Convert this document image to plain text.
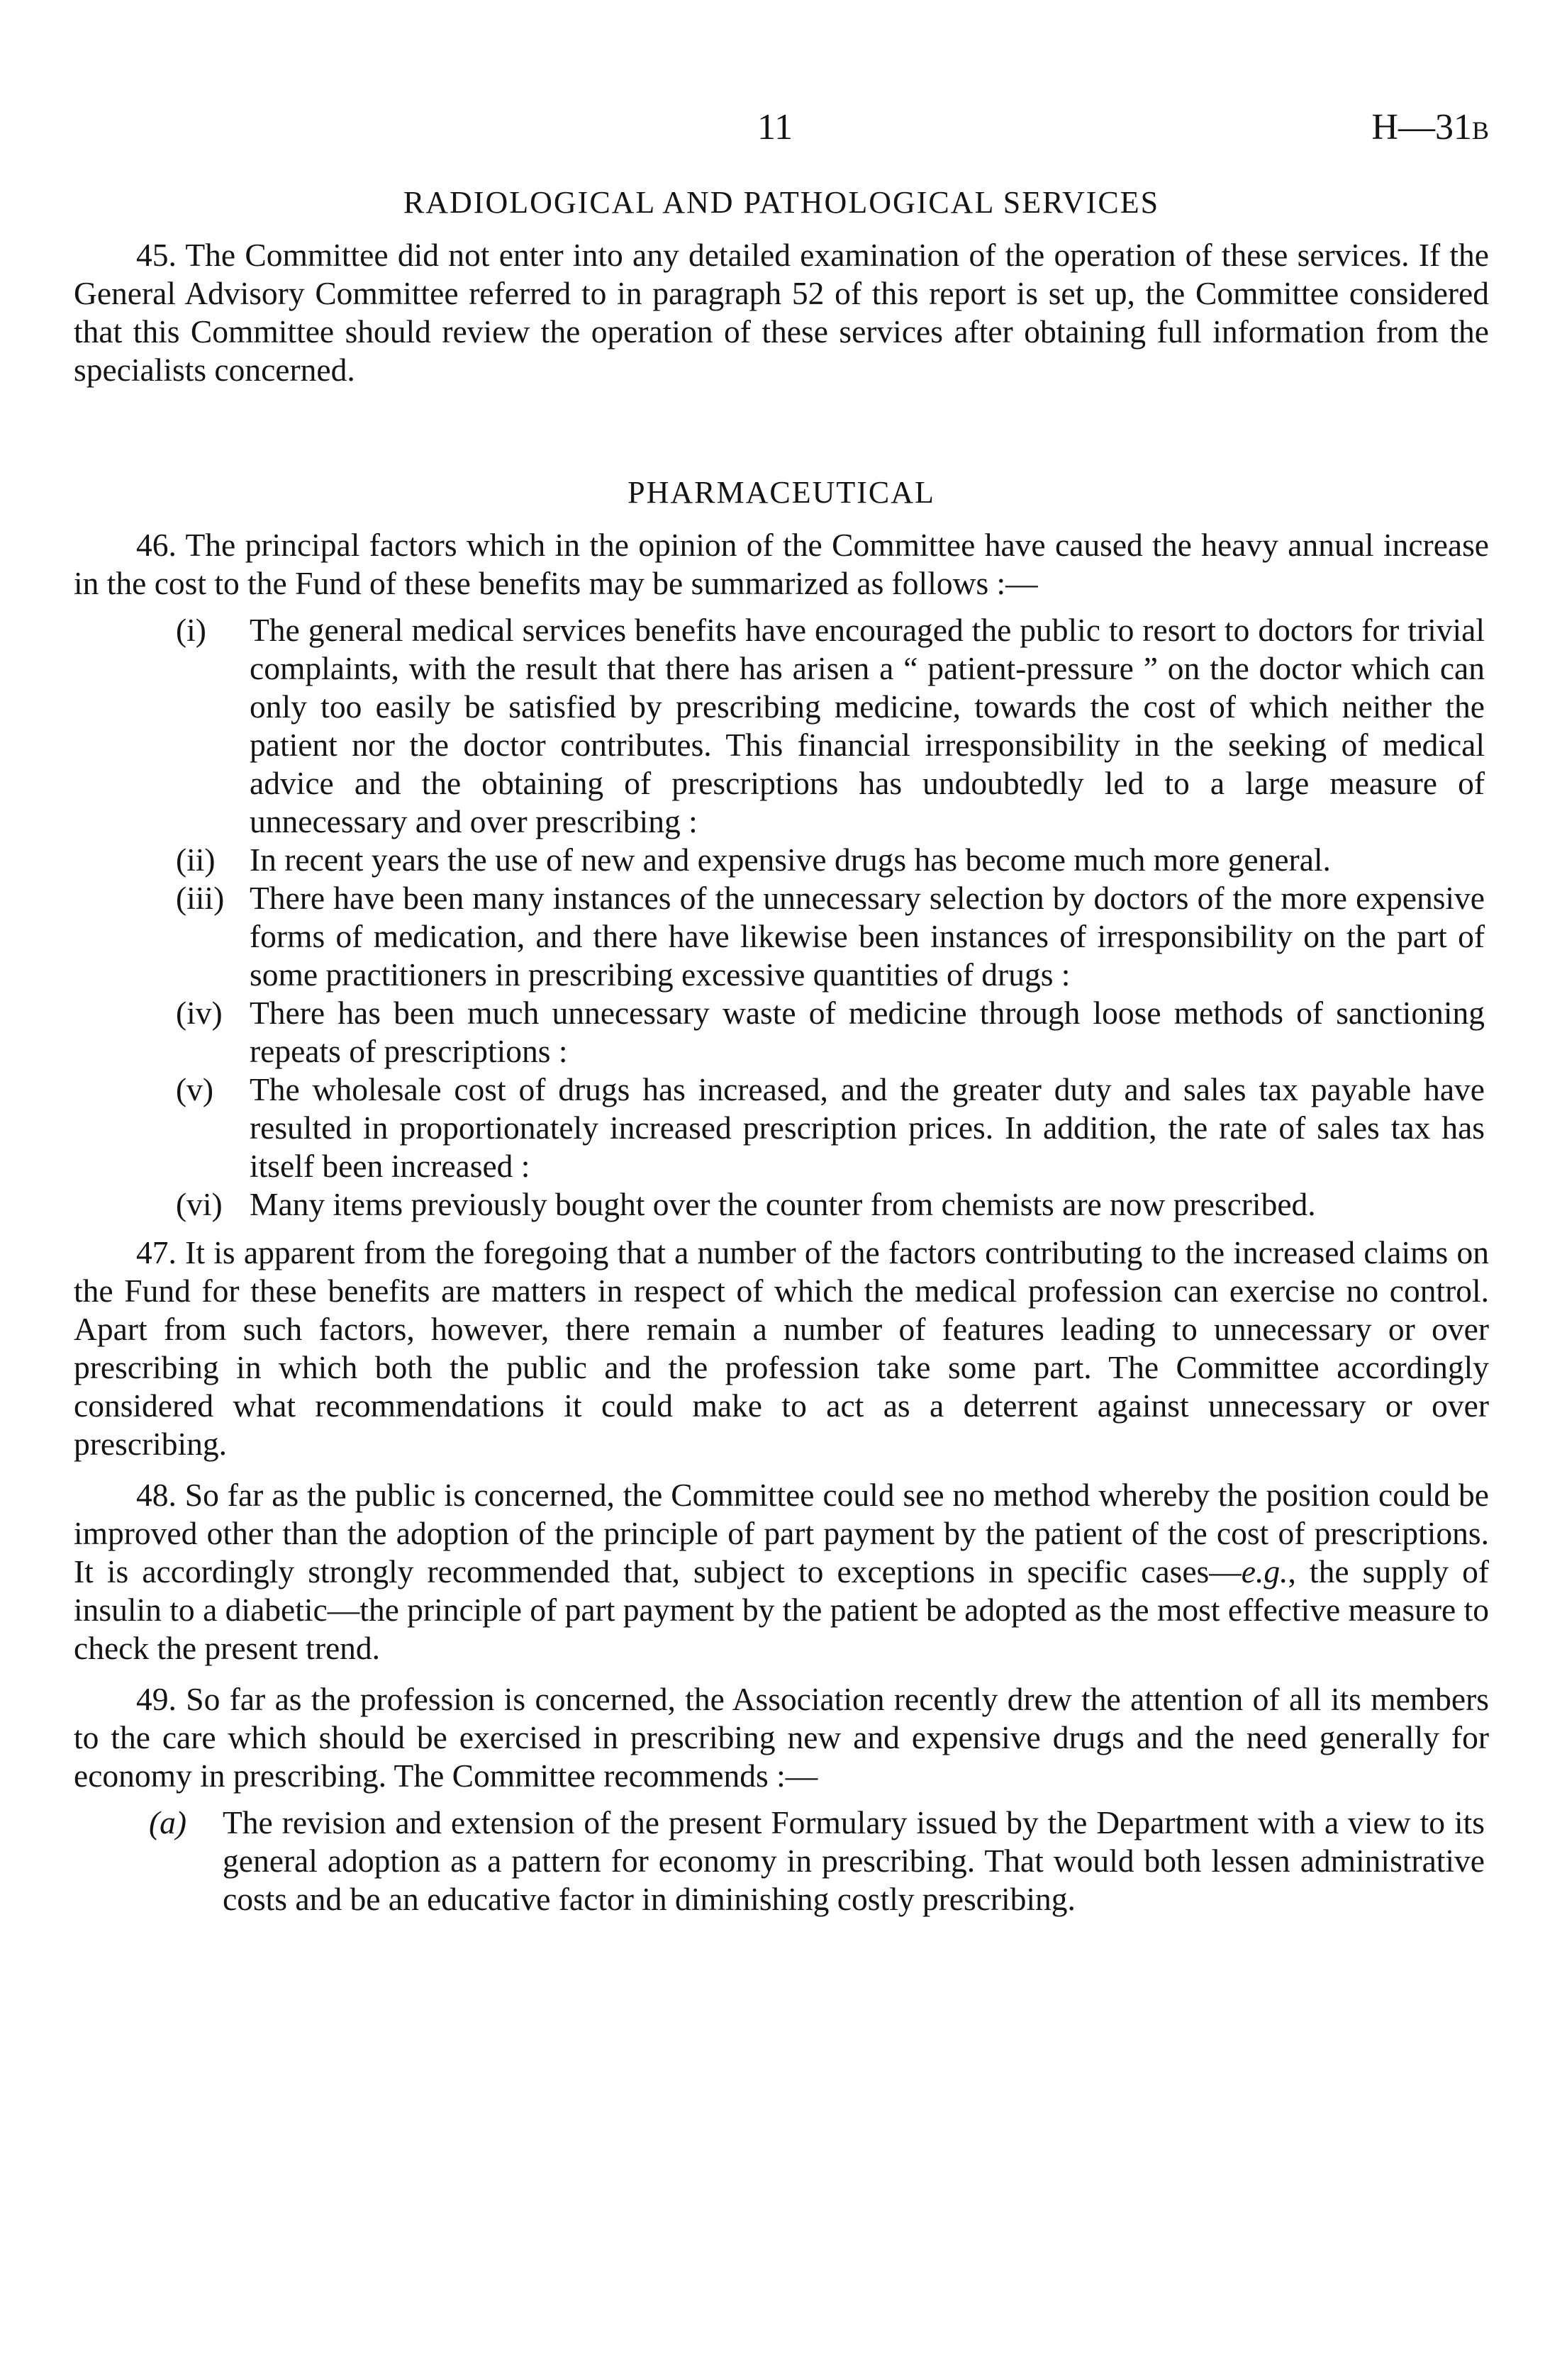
11	H—31B
RADIOLOGICAL AND PATHOLOGICAL SERVICES

45. The Committee did not enter into any detailed examination of the operation of these services. If the General Advisory Committee referred to in paragraph 52 of this report is set up, the Committee considered that this Committee should review the operation of these services after obtaining full information from the specialists concerned.

PHARMACEUTICAL

46. The principal factors which in the opinion of the Committee have caused the heavy annual increase in the cost to the Fund of these benefits may be summarized as follows :—

(i)	The general medical services benefits have encouraged the public to resort to doctors for trivial complaints, with the result that there has arisen a “ patient-pressure ” on the doctor which can only too easily be satisfied by prescribing medicine, towards the cost of which neither the patient nor the doctor contributes. This financial irresponsibility in the seeking of medical advice and the obtaining of prescriptions has undoubtedly led to a large measure of unnecessary and over prescribing :
(ii)	In recent years the use of new and expensive drugs has become much more general.
(iii) There have been many instances of the unnecessary selection by doctors of the more expensive forms of medication, and there have likewise been instances of irresponsibility on the part of some practitioners in prescribing excessive quantities of drugs :
(iv) There has been much unnecessary waste of medicine through loose methods of sanctioning repeats of prescriptions :
(v)	The wholesale cost of drugs has increased, and the greater duty and sales tax payable have resulted in proportionately increased prescription prices. In addition, the rate of sales tax has itself been increased :
(vi) Many items previously bought over the counter from chemists are now prescribed.

47. It is apparent from the foregoing that a number of the factors contributing to the increased claims on the Fund for these benefits are matters in respect of which the medical profession can exercise no control. Apart from such factors, however, there remain a number of features leading to unnecessary or over prescribing in which both the public and the profession take some part. The Committee accordingly considered what recommendations it could make to act as a deterrent against unnecessary or over prescribing.

48. So far as the public is concerned, the Committee could see no method whereby the position could be improved other than the adoption of the principle of part payment by the patient of the cost of prescriptions. It is accordingly strongly recommended that, subject to exceptions in specific cases—e.g., the supply of insulin to a diabetic—the principle of part payment by the patient be adopted as the most effective measure to check the present trend.

49. So far as the profession is concerned, the Association recently drew the attention of all its members to the care which should be exercised in prescribing new and expensive drugs and the need generally for economy in prescribing. The Committee recommends :—

(a)	The revision and extension of the present Formulary issued by the Department with a view to its general adoption as a pattern for economy in prescribing. That would both lessen administrative costs and be an educative factor in diminishing costly prescribing.
